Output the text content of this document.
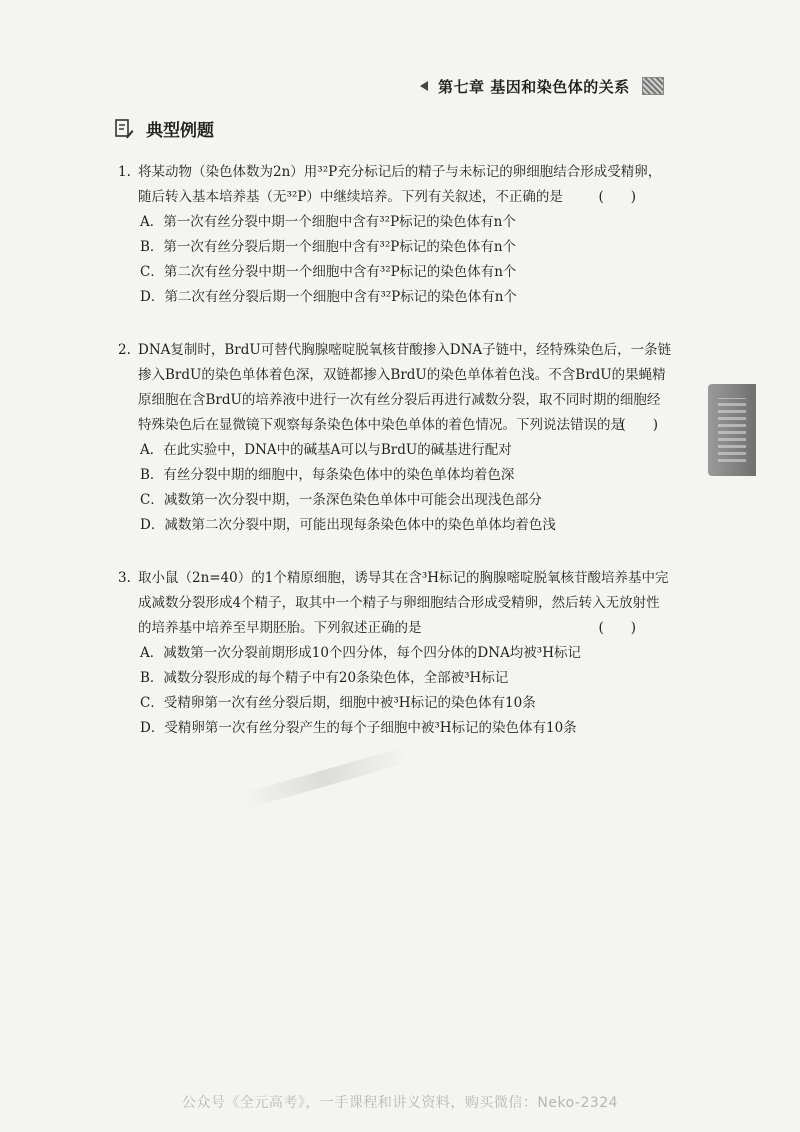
第七章 基因和染色体的关系
典型例题
1. 将某动物（染色体数为2n）用³²P充分标记后的精子与未标记的卵细胞结合形成受精卵，
随后转入基本培养基（无³²P）中继续培养。下列有关叙述，不正确的是	(　　)
A．第一次有丝分裂中期一个细胞中含有³²P标记的染色体有n个
B．第一次有丝分裂后期一个细胞中含有³²P标记的染色体有n个
C．第二次有丝分裂中期一个细胞中含有³²P标记的染色体有n个
D．第二次有丝分裂后期一个细胞中含有³²P标记的染色体有n个
2. DNA复制时，BrdU可替代胸腺嘧啶脱氧核苷酸掺入DNA子链中，经特殊染色后，一条链
掺入BrdU的染色单体着色深，双链都掺入BrdU的染色单体着色浅。不含BrdU的果蝇精
原细胞在含BrdU的培养液中进行一次有丝分裂后再进行减数分裂，取不同时期的细胞经
特殊染色后在显微镜下观察每条染色体中染色单体的着色情况。下列说法错误的是
(　　)
A．在此实验中，DNA中的碱基A可以与BrdU的碱基进行配对
B．有丝分裂中期的细胞中，每条染色体中的染色单体均着色深
C．减数第一次分裂中期，一条深色染色单体中可能会出现浅色部分
D．减数第二次分裂中期，可能出现每条染色体中的染色单体均着色浅
3. 取小鼠（2n=40）的1个精原细胞，诱导其在含³H标记的胸腺嘧啶脱氧核苷酸培养基中完
成减数分裂形成4个精子，取其中一个精子与卵细胞结合形成受精卵，然后转入无放射性
的培养基中培养至早期胚胎。下列叙述正确的是	(　　)
A．减数第一次分裂前期形成10个四分体，每个四分体的DNA均被³H标记
B．减数分裂形成的每个精子中有20条染色体，全部被³H标记
C．受精卵第一次有丝分裂后期，细胞中被³H标记的染色体有10条
D．受精卵第一次有丝分裂产生的每个子细胞中被³H标记的染色体有10条
公众号《全元高考》，一手课程和讲义资料，购买微信：Neko-2324
